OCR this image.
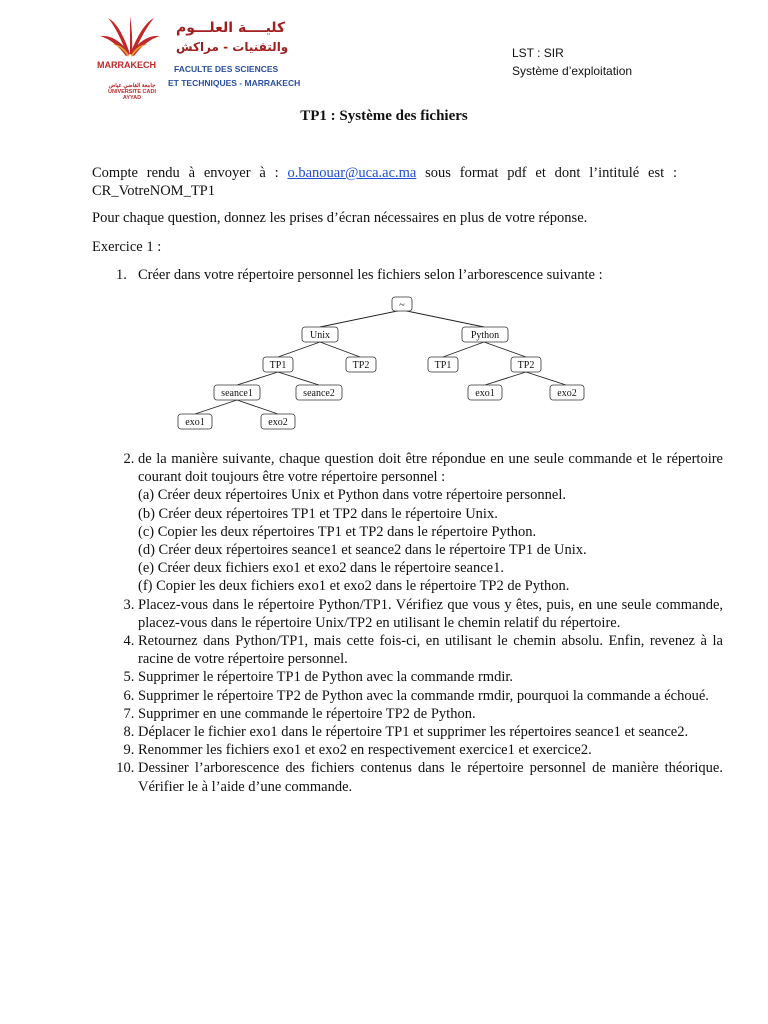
MARRAKECH
جامعة القاضي عياض
UNIVERSITE CADI AYYAD
كليــــة العلـــوم
والتقنيات - مراكش
FACULTE DES SCIENCES
ET TECHNIQUES - MARRAKECH
LST : SIR
Système d’exploitation
TP1 : Système des fichiers
Compte rendu à envoyer à : o.banouar@uca.ac.ma sous format pdf et dont l’intitulé est : CR_VotreNOM_TP1
Pour chaque question, donnez les prises d’écran nécessaires en plus de votre réponse.
Exercice 1 :
1. Créer dans votre répertoire personnel les fichiers selon l’arborescence suivante :
~
Unix	Python
TP1	TP2	TP1	TP2
seance1	seance2	exo1	exo2
exo1	exo2
2. de la manière suivante, chaque question doit être répondue en une seule commande et le répertoire courant doit toujours être votre répertoire personnel :
(a) Créer deux répertoires Unix et Python dans votre répertoire personnel.
(b) Créer deux répertoires TP1 et TP2 dans le répertoire Unix.
(c) Copier les deux répertoires TP1 et TP2 dans le répertoire Python.
(d) Créer deux répertoires seance1 et seance2 dans le répertoire TP1 de Unix.
(e) Créer deux fichiers exo1 et exo2 dans le répertoire seance1.
(f) Copier les deux fichiers exo1 et exo2 dans le répertoire TP2 de Python.
3. Placez-vous dans le répertoire Python/TP1. Vérifiez que vous y êtes, puis, en une seule commande, placez-vous dans le répertoire Unix/TP2 en utilisant le chemin relatif du répertoire.
4. Retournez dans Python/TP1, mais cette fois-ci, en utilisant le chemin absolu. Enfin, revenez à la racine de votre répertoire personnel.
5. Supprimer le répertoire TP1 de Python avec la commande rmdir.
6. Supprimer le répertoire TP2 de Python avec la commande rmdir, pourquoi la commande a échoué.
7. Supprimer en une commande le répertoire TP2 de Python.
8. Déplacer le fichier exo1 dans le répertoire TP1 et supprimer les répertoires seance1 et seance2.
9. Renommer les fichiers exo1 et exo2 en respectivement exercice1 et exercice2.
10. Dessiner l’arborescence des fichiers contenus dans le répertoire personnel de manière théorique. Vérifier le à l’aide d’une commande.
